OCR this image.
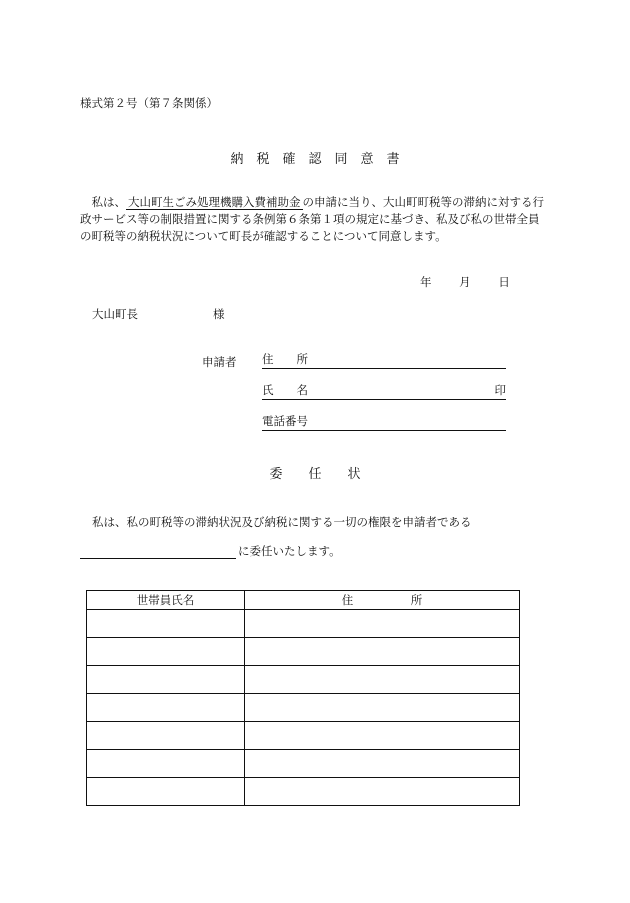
様式第２号（第７条関係）
納　税　確　認　同　意　書
　私は、 大山町生ごみ処理機購入費補助金 の申請に当り、大山町町税等の滞納に対する行政サービス等の制限措置に関する条例第６条第１項の規定に基づき、私及び私の世帯全員の町税等の納税状況について町長が確認することについて同意します。
年 月 日
大山町長	様
申請者 住　　所
氏　　名	印
電話番号
委　　任　　状
私は、私の町税等の滞納状況及び納税に関する一切の権限を申請者である
に委任いたします。
世帯員氏名	住　　　　　所
